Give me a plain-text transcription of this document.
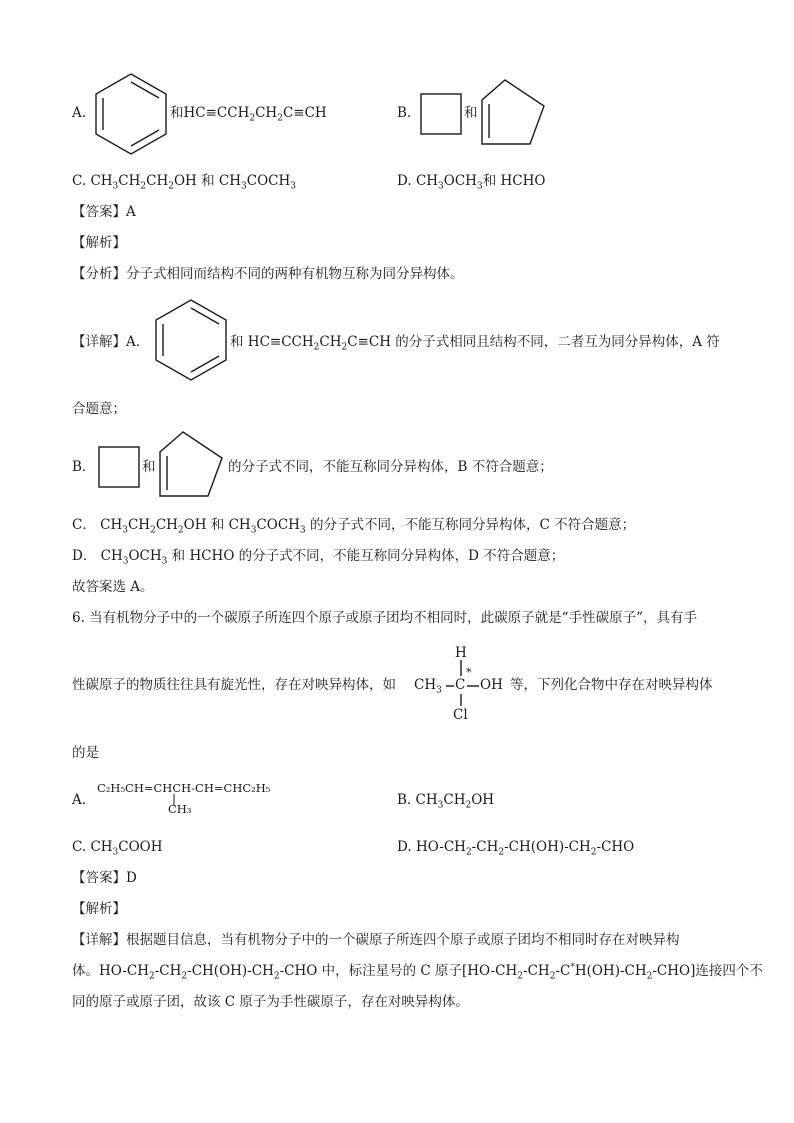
A.	和$HC\equiv CCH_2CH_2C\equiv CH$	B.	和
C. $CH_3CH_2CH_2OH$ 和 $CH_3COCH_3$	D. $CH_3OCH_3$和 HCHO
【答案】A
【解析】
【分析】分子式相同而结构不同的两种有机物互称为同分异构体。
【详解】A．	和 $HC\equiv CCH_2CH_2C\equiv CH$ 的分子式相同且结构不同，二者互为同分异构体，A 符
合题意；
B．	和	的分子式不同，不能互称同分异构体，B 不符合题意；
C． $CH_3CH_2CH_2OH$ 和 $CH_3COCH_3$ 的分子式不同，不能互称同分异构体，C 不符合题意；
D． $CH_3OCH_3$ 和 HCHO 的分子式不同，不能互称同分异构体，D 不符合题意；
故答案选 A。
6. 当有机物分子中的一个碳原子所连四个原子或原子团均不相同时，此碳原子就是“手性碳原子”，具有手
性碳原子的物质往往具有旋光性，存在对映异构体，如
H
*
$CH_3$ C OH
Cl
等，下列化合物中存在对映异构体
的是
A.
C₂H₅CH=CHCH-CH=CHC₂H₅
CH₃
B. $CH_3CH_2OH$
C. $CH_3COOH$	D. $HO-CH_2-CH_2-CH(OH)-CH_2$-CHO
【答案】D
【解析】
【详解】根据题目信息，当有机物分子中的一个碳原子所连四个原子或原子团均不相同时存在对映异构
体。$HO-CH_2-CH_2-CH(OH)-CH_2$-CHO 中，标注星号的 C 原子$[HO-CH_2-CH_2-C^*H(OH)-CH_2-CHO]$连接四个不
同的原子或原子团，故该 C 原子为手性碳原子，存在对映异构体。
